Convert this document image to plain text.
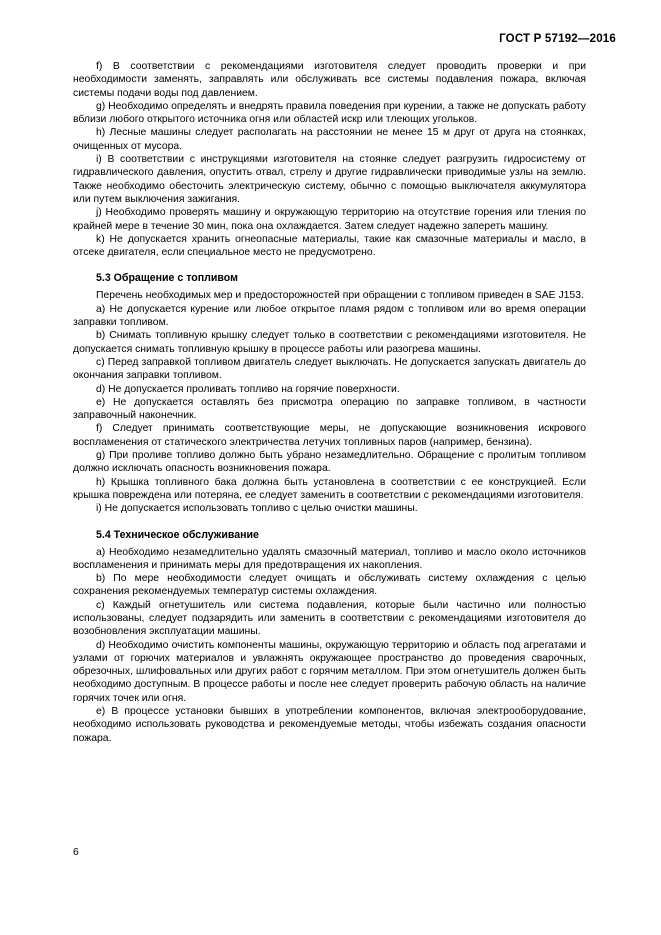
ГОСТ Р 57192—2016

f) В соответствии с рекомендациями изготовителя следует проводить проверки и при необходимости заменять, заправлять или обслуживать все системы подавления пожара, включая системы подачи воды под давлением.

g) Необходимо определять и внедрять правила поведения при курении, а также не допускать работу вблизи любого открытого источника огня или областей искр или тлеющих угольков.

h) Лесные машины следует располагать на расстоянии не менее 15 м друг от друга на стоянках, очищенных от мусора.

i) В соответствии с инструкциями изготовителя на стоянке следует разгрузить гидросистему от гидравлического давления, опустить отвал, стрелу и другие гидравлически приводимые узлы на землю. Также необходимо обесточить электрическую систему, обычно с помощью выключателя аккумулятора или путем выключения зажигания.

j) Необходимо проверять машину и окружающую территорию на отсутствие горения или тления по крайней мере в течение 30 мин, пока она охлаждается. Затем следует надежно запереть машину.

k) Не допускается хранить огнеопасные материалы, такие как смазочные материалы и масло, в отсеке двигателя, если специальное место не предусмотрено.

5.3 Обращение с топливом

Перечень необходимых мер и предосторожностей при обращении с топливом приведен в SAE J153.

a) Не допускается курение или любое открытое пламя рядом с топливом или во время операции заправки топливом.

b) Снимать топливную крышку следует только в соответствии с рекомендациями изготовителя. Не допускается снимать топливную крышку в процессе работы или разогрева машины.

c) Перед заправкой топливом двигатель следует выключать. Не допускается запускать двигатель до окончания заправки топливом.

d) Не допускается проливать топливо на горячие поверхности.

e) Не допускается оставлять без присмотра операцию по заправке топливом, в частности заправочный наконечник.

f) Следует принимать соответствующие меры, не допускающие возникновения искрового воспламенения от статического электричества летучих топливных паров (например, бензина).

g) При проливе топливо должно быть убрано незамедлительно. Обращение с пролитым топливом должно исключать опасность возникновения пожара.

h) Крышка топливного бака должна быть установлена в соответствии с ее конструкцией. Если крышка повреждена или потеряна, ее следует заменить в соответствии с рекомендациями изготовителя.

i) Не допускается использовать топливо с целью очистки машины.

5.4 Техническое обслуживание

a) Необходимо незамедлительно удалять смазочный материал, топливо и масло около источников воспламенения и принимать меры для предотвращения их накопления.

b) По мере необходимости следует очищать и обслуживать систему охлаждения с целью сохранения рекомендуемых температур системы охлаждения.

c) Каждый огнетушитель или система подавления, которые были частично или полностью использованы, следует подзарядить или заменить в соответствии с рекомендациями изготовителя до возобновления эксплуатации машины.

d) Необходимо очистить компоненты машины, окружающую территорию и область под агрегатами и узлами от горючих материалов и увлажнять окружающее пространство до проведения сварочных, обрезочных, шлифовальных или других работ с горячим металлом. При этом огнетушитель должен быть необходимо доступным. В процессе работы и после нее следует проверить рабочую область на наличие горячих точек или огня.

e) В процессе установки бывших в употреблении компонентов, включая электрооборудование, необходимо использовать руководства и рекомендуемые методы, чтобы избежать создания опасности пожара.

6
